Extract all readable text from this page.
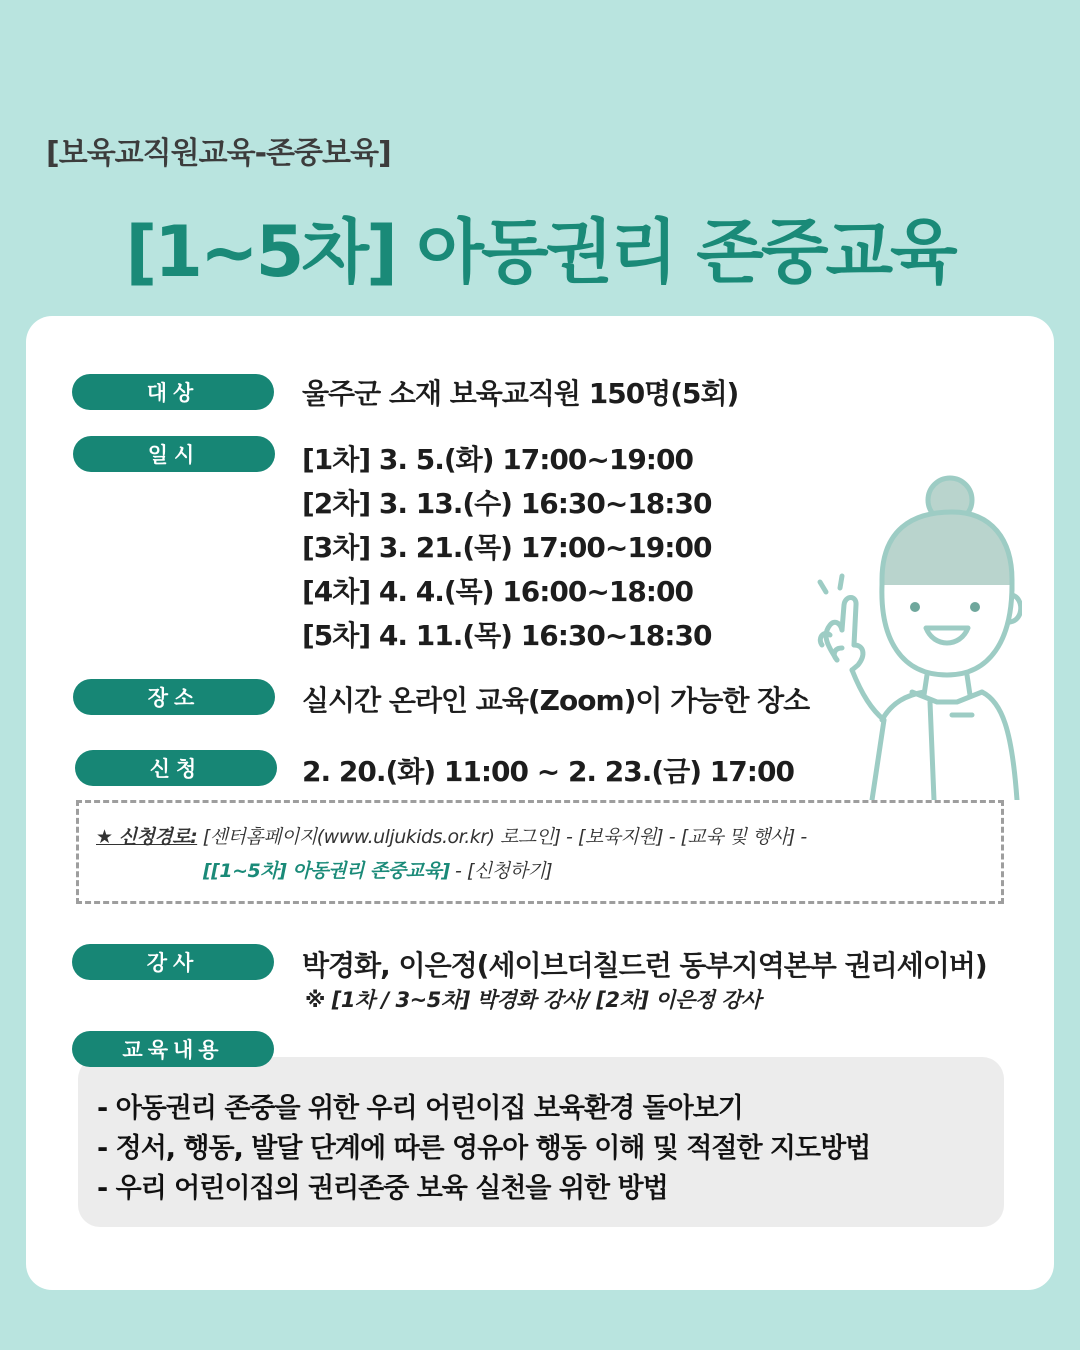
[보육교직원교육-존중보육]
[1~5차] 아동권리 존중교육
대상	울주군 소재 보육교직원 150명(5회)
일시	[1차] 3. 5.(화) 17:00~19:00
[2차] 3. 13.(수) 16:30~18:30
[3차] 3. 21.(목) 17:00~19:00
[4차] 4. 4.(목) 16:00~18:00
[5차] 4. 11.(목) 16:30~18:30
장소	실시간 온라인 교육(Zoom)이 가능한 장소
신청	2. 20.(화) 11:00 ~ 2. 23.(금) 17:00
★ 신청경로: [센터홈페이지(www.uljukids.or.kr) 로그인] - [보육지원] - [교육 및 행사] -
[[1~5차] 아동권리 존중교육] - [신청하기]
강사	박경화, 이은정(세이브더칠드런 동부지역본부 권리세이버)
※ [1차 / 3~5차] 박경화 강사/ [2차] 이은정 강사
교육내용
- 아동권리 존중을 위한 우리 어린이집 보육환경 돌아보기
- 정서, 행동, 발달 단계에 따른 영유아 행동 이해 및 적절한 지도방법
- 우리 어린이집의 권리존중 보육 실천을 위한 방법
